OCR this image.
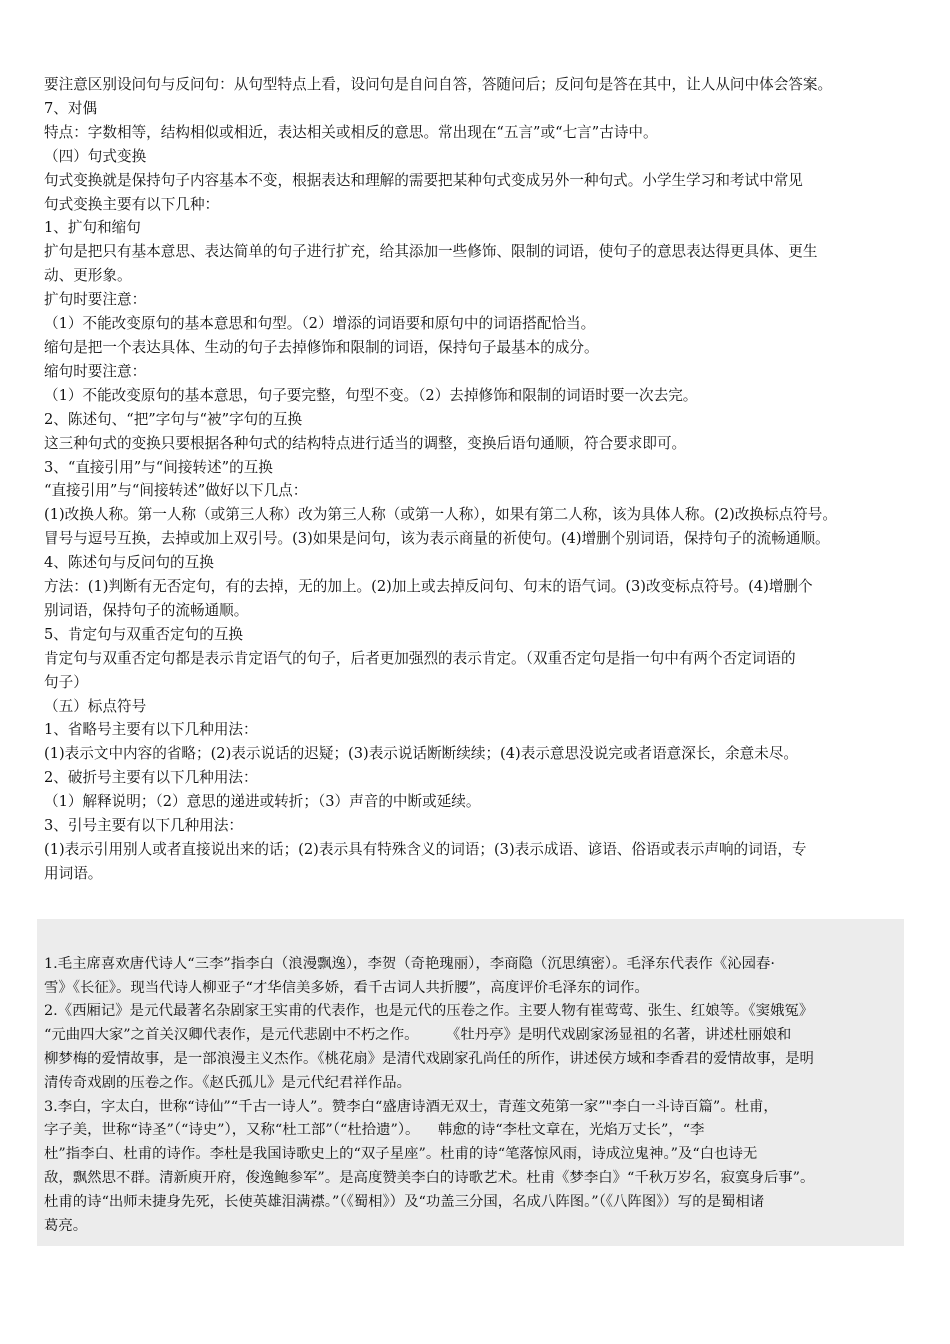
要注意区别设问句与反问句：从句型特点上看，设问句是自问自答，答随问后；反问句是答在其中，让人从问中体会答案。

7、对偶

特点：字数相等，结构相似或相近，表达相关或相反的意思。常出现在“五言”或“七言”古诗中。

（四）句式变换

句式变换就是保持句子内容基本不变，根据表达和理解的需要把某种句式变成另外一种句式。小学生学习和考试中常见

句式变换主要有以下几种：

1、扩句和缩句

扩句是把只有基本意思、表达简单的句子进行扩充，给其添加一些修饰、限制的词语，使句子的意思表达得更具体、更生

动、更形象。

扩句时要注意：

（1）不能改变原句的基本意思和句型。（2）增添的词语要和原句中的词语搭配恰当。

缩句是把一个表达具体、生动的句子去掉修饰和限制的词语，保持句子最基本的成分。

缩句时要注意：

（1）不能改变原句的基本意思，句子要完整，句型不变。（2）去掉修饰和限制的词语时要一次去完。

2、陈述句、“把”字句与“被”字句的互换

这三种句式的变换只要根据各种句式的结构特点进行适当的调整，变换后语句通顺，符合要求即可。

3、“直接引用”与“间接转述”的互换

“直接引用”与“间接转述”做好以下几点：

(1)改换人称。第一人称（或第三人称）改为第三人称（或第一人称），如果有第二人称，该为具体人称。(2)改换标点符号。

冒号与逗号互换，去掉或加上双引号。(3)如果是问句，该为表示商量的祈使句。(4)增删个别词语，保持句子的流畅通顺。

4、陈述句与反问句的互换

方法：(1)判断有无否定句，有的去掉，无的加上。(2)加上或去掉反问句、句末的语气词。(3)改变标点符号。(4)增删个

别词语，保持句子的流畅通顺。

5、肯定句与双重否定句的互换

肯定句与双重否定句都是表示肯定语气的句子，后者更加强烈的表示肯定。（双重否定句是指一句中有两个否定词语的

句子）

（五）标点符号

1、省略号主要有以下几种用法：

(1)表示文中内容的省略；(2)表示说话的迟疑；(3)表示说话断断续续；(4)表示意思没说完或者语意深长，余意未尽。

2、破折号主要有以下几种用法：

（1）解释说明；（2）意思的递进或转折；（3）声音的中断或延续。

3、引号主要有以下几种用法：

(1)表示引用别人或者直接说出来的话；(2)表示具有特殊含义的词语；(3)表示成语、谚语、俗语或表示声响的词语，专

用词语。

1.毛主席喜欢唐代诗人“三李”指李白（浪漫飘逸），李贺（奇艳瑰丽），李商隐（沉思缜密）。毛泽东代表作《沁园春·

雪》《长征》。现当代诗人柳亚子“才华信美多娇，看千古词人共折腰”，高度评价毛泽东的词作。

2.《西厢记》是元代最著名杂剧家王实甫的代表作，也是元代的压卷之作。主要人物有崔莺莺、张生、红娘等。《窦娥冤》

“元曲四大家”之首关汉卿代表作，是元代悲剧中不朽之作。      《牡丹亭》是明代戏剧家汤显祖的名著，讲述杜丽娘和

柳梦梅的爱情故事，是一部浪漫主义杰作。《桃花扇》是清代戏剧家孔尚任的所作，讲述侯方域和李香君的爱情故事，是明

清传奇戏剧的压卷之作。《赵氏孤儿》是元代纪君祥作品。

3.李白，字太白，世称“诗仙”“千古一诗人”。赞李白“盛唐诗酒无双士，青莲文苑第一家”"李白一斗诗百篇”。杜甫，

字子美，世称“诗圣”（“诗史”），又称“杜工部”（“杜拾遗”）。    韩愈的诗“李杜文章在，光焰万丈长”，“李

杜”指李白、杜甫的诗作。李杜是我国诗歌史上的“双子星座”。杜甫的诗“笔落惊风雨，诗成泣鬼神。”及“白也诗无

敌，飘然思不群。清新庾开府，俊逸鲍参军”。是高度赞美李白的诗歌艺术。杜甫《梦李白》“千秋万岁名，寂寞身后事”。

杜甫的诗“出师未捷身先死，长使英雄泪满襟。”（《蜀相》）及“功盖三分国，名成八阵图。”（《八阵图》）写的是蜀相诸

葛亮。
